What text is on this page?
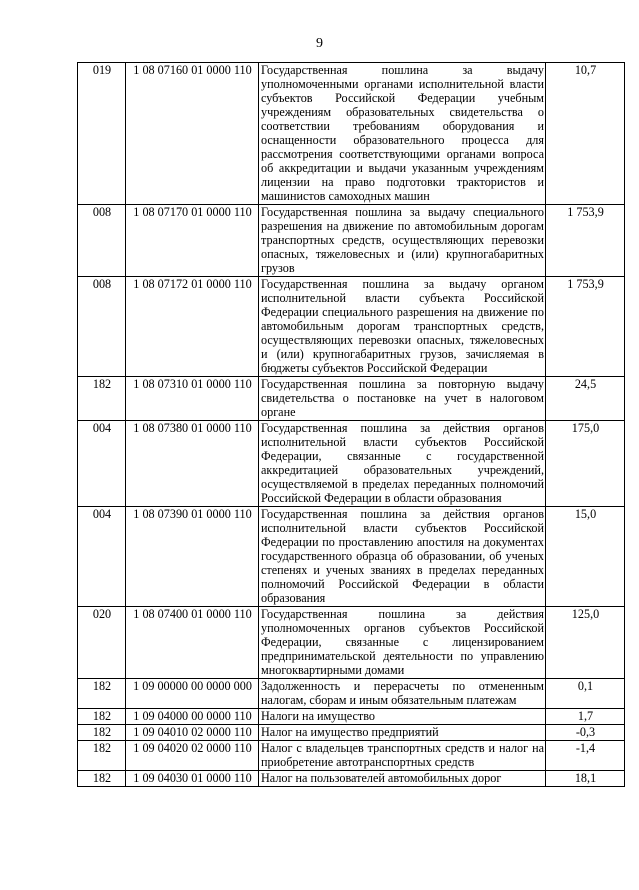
9
019	1 08 07160 01 0000 110	Государственная пошлина за выдачу уполномоченными органами исполнительной власти субъектов Российской Федерации учебным учреждениям образовательных свидетельства о соответствии требованиям оборудования и оснащенности образовательного процесса для рассмотрения соответствующими органами вопроса об аккредитации и выдачи указанным учреждениям лицензии на право подготовки трактористов и машинистов самоходных машин	10,7
008	1 08 07170 01 0000 110	Государственная пошлина за выдачу специального разрешения на движение по автомобильным дорогам транспортных средств, осуществляющих перевозки опасных, тяжеловесных и (или) крупногабаритных грузов	1 753,9
008	1 08 07172 01 0000 110	Государственная пошлина за выдачу органом исполнительной власти субъекта Российской Федерации специального разрешения на движение по автомобильным дорогам транспортных средств, осуществляющих перевозки опасных, тяжеловесных и (или) крупногабаритных грузов, зачисляемая в бюджеты субъектов Российской Федерации	1 753,9
182	1 08 07310 01 0000 110	Государственная пошлина за повторную выдачу свидетельства о постановке на учет в налоговом органе	24,5
004	1 08 07380 01 0000 110	Государственная пошлина за действия органов исполнительной власти субъектов Российской Федерации, связанные с государственной аккредитацией образовательных учреждений, осуществляемой в пределах переданных полномочий Российской Федерации в области образования	175,0
004	1 08 07390 01 0000 110	Государственная пошлина за действия органов исполнительной власти субъектов Российской Федерации по проставлению апостиля на документах государственного образца об образовании, об ученых степенях и ученых званиях в пределах переданных полномочий Российской Федерации в области образования	15,0
020	1 08 07400 01 0000 110	Государственная пошлина за действия уполномоченных органов субъектов Российской Федерации, связанные с лицензированием предпринимательской деятельности по управлению многоквартирными домами	125,0
182	1 09 00000 00 0000 000	Задолженность и перерасчеты по отмененным налогам, сборам и иным обязательным платежам	0,1
182	1 09 04000 00 0000 110	Налоги на имущество	1,7
182	1 09 04010 02 0000 110	Налог на имущество предприятий	-0,3
182	1 09 04020 02 0000 110	Налог с владельцев транспортных средств и налог на приобретение автотранспортных средств	-1,4
182	1 09 04030 01 0000 110	Налог на пользователей автомобильных дорог	18,1
